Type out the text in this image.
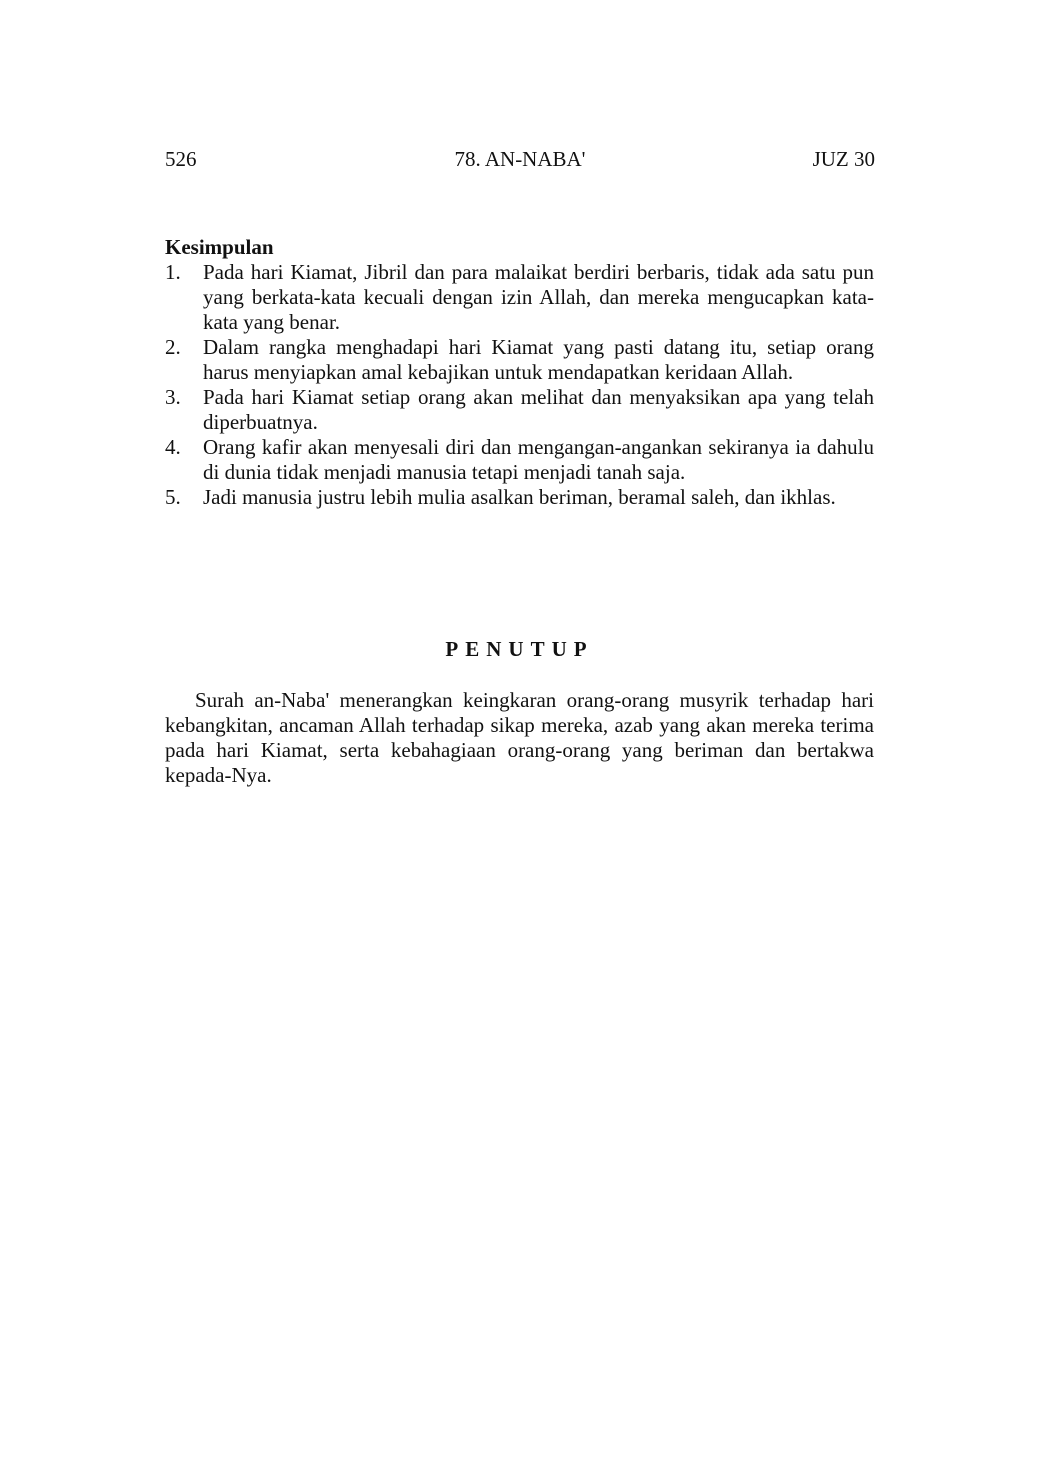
526	78. AN-NABA'	JUZ 30
Kesimpulan
1. Pada hari Kiamat, Jibril dan para malaikat berdiri berbaris, tidak ada satu pun yang berkata-kata kecuali dengan izin Allah, dan mereka mengucapkan kata-kata yang benar.
2. Dalam rangka menghadapi hari Kiamat yang pasti datang itu, setiap orang harus menyiapkan amal kebajikan untuk mendapatkan keridaan Allah.
3. Pada hari Kiamat setiap orang akan melihat dan menyaksikan apa yang telah diperbuatnya.
4. Orang kafir akan menyesali diri dan mengangan-angankan sekiranya ia dahulu di dunia tidak menjadi manusia tetapi menjadi tanah saja.
5. Jadi manusia justru lebih mulia asalkan beriman, beramal saleh, dan ikhlas.
PENUTUP

Surah an-Naba' menerangkan keingkaran orang-orang musyrik terhadap hari kebangkitan, ancaman Allah terhadap sikap mereka, azab yang akan mereka terima pada hari Kiamat, serta kebahagiaan orang-orang yang beriman dan bertakwa kepada-Nya.
